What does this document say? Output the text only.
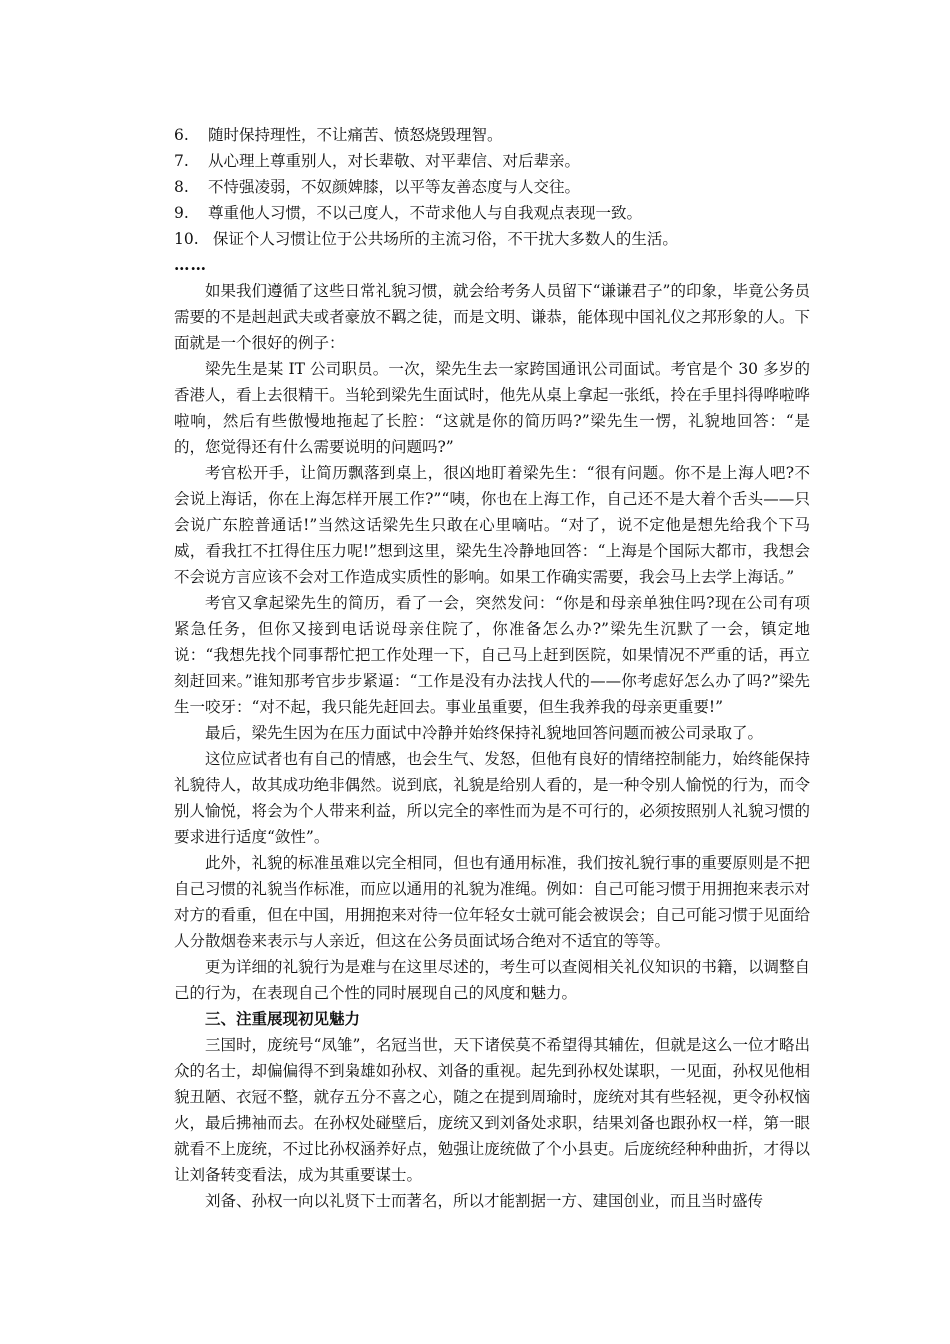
6. 随时保持理性，不让痛苦、愤怒烧毁理智。
7. 从心理上尊重别人，对长辈敬、对平辈信、对后辈亲。
8. 不恃强凌弱，不奴颜婢膝，以平等友善态度与人交往。
9. 尊重他人习惯，不以己度人，不苛求他人与自我观点表现一致。
10. 保证个人习惯让位于公共场所的主流习俗，不干扰大多数人的生活。
……

如果我们遵循了这些日常礼貌习惯，就会给考务人员留下“谦谦君子”的印象，毕竟公务员需要的不是赳赳武夫或者豪放不羁之徒，而是文明、谦恭，能体现中国礼仪之邦形象的人。下面就是一个很好的例子：

梁先生是某 IT 公司职员。一次，梁先生去一家跨国通讯公司面试。考官是个 30 多岁的香港人，看上去很精干。当轮到梁先生面试时，他先从桌上拿起一张纸，拎在手里抖得哗啦哗啦响，然后有些傲慢地拖起了长腔：“这就是你的简历吗?”梁先生一愣，礼貌地回答：“是的，您觉得还有什么需要说明的问题吗?”

考官松开手，让简历飘落到桌上，很凶地盯着梁先生：“很有问题。你不是上海人吧?不会说上海话，你在上海怎样开展工作?”“咦，你也在上海工作，自己还不是大着个舌头——只会说广东腔普通话!”当然这话梁先生只敢在心里嘀咕。“对了，说不定他是想先给我个下马威，看我扛不扛得住压力呢!”想到这里，梁先生冷静地回答：“上海是个国际大都市，我想会不会说方言应该不会对工作造成实质性的影响。如果工作确实需要，我会马上去学上海话。”

考官又拿起梁先生的简历，看了一会，突然发问：“你是和母亲单独住吗?现在公司有项紧急任务，但你又接到电话说母亲住院了，你准备怎么办?”梁先生沉默了一会，镇定地说：“我想先找个同事帮忙把工作处理一下，自己马上赶到医院，如果情况不严重的话，再立刻赶回来。”谁知那考官步步紧逼：“工作是没有办法找人代的——你考虑好怎么办了吗?”梁先生一咬牙：“对不起，我只能先赶回去。事业虽重要，但生我养我的母亲更重要!”

最后，梁先生因为在压力面试中冷静并始终保持礼貌地回答问题而被公司录取了。

这位应试者也有自己的情感，也会生气、发怒，但他有良好的情绪控制能力，始终能保持礼貌待人，故其成功绝非偶然。说到底，礼貌是给别人看的，是一种令别人愉悦的行为，而令别人愉悦，将会为个人带来利益，所以完全的率性而为是不可行的，必须按照别人礼貌习惯的要求进行适度“敛性”。

此外，礼貌的标准虽难以完全相同，但也有通用标准，我们按礼貌行事的重要原则是不把自己习惯的礼貌当作标准，而应以通用的礼貌为准绳。例如：自己可能习惯于用拥抱来表示对对方的看重，但在中国，用拥抱来对待一位年轻女士就可能会被误会；自己可能习惯于见面给人分散烟卷来表示与人亲近，但这在公务员面试场合绝对不适宜的等等。

更为详细的礼貌行为是难与在这里尽述的，考生可以查阅相关礼仪知识的书籍，以调整自己的行为，在表现自己个性的同时展现自己的风度和魅力。

三、注重展现初见魅力

三国时，庞统号“凤雏”，名冠当世，天下诸侯莫不希望得其辅佐，但就是这么一位才略出众的名士，却偏偏得不到枭雄如孙权、刘备的重视。起先到孙权处谋职，一见面，孙权见他相貌丑陋、衣冠不整，就存五分不喜之心，随之在提到周瑜时，庞统对其有些轻视，更令孙权恼火，最后拂袖而去。在孙权处碰壁后，庞统又到刘备处求职，结果刘备也跟孙权一样，第一眼就看不上庞统，不过比孙权涵养好点，勉强让庞统做了个小县吏。后庞统经种种曲折，才得以让刘备转变看法，成为其重要谋士。

刘备、孙权一向以礼贤下士而著名，所以才能割据一方、建国创业，而且当时盛传
